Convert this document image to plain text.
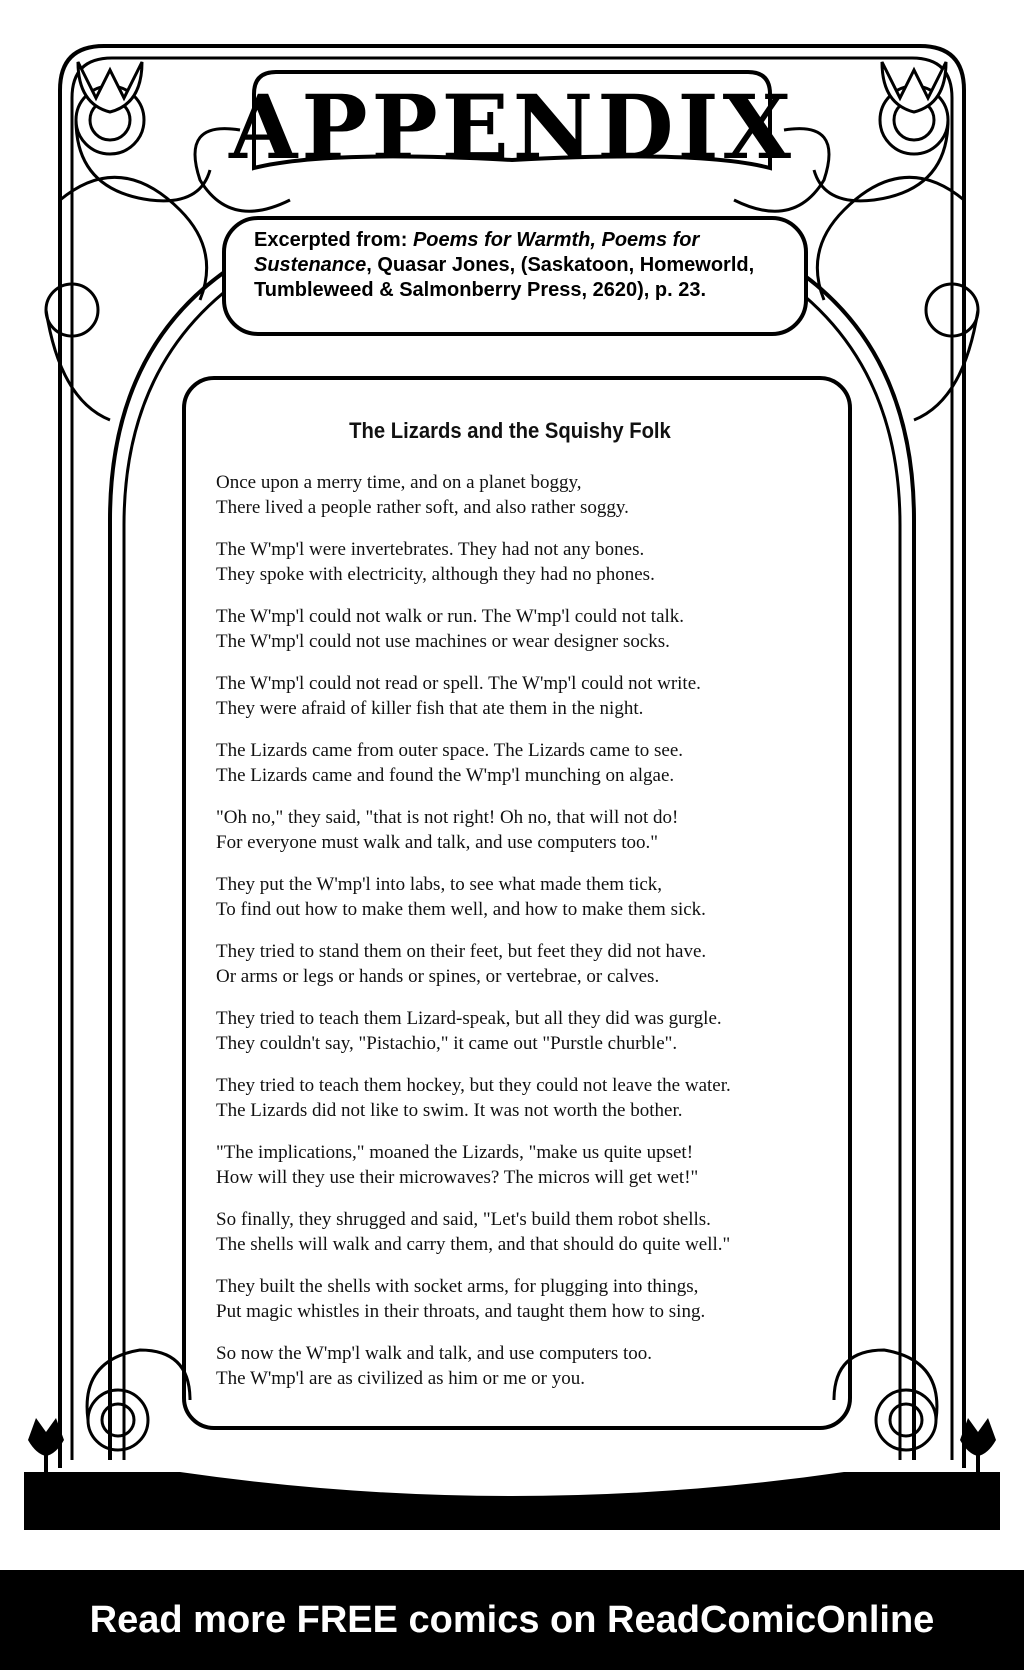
APPENDIX
Excerpted from: Poems for Warmth, Poems for Sustenance, Quasar Jones, (Saskatoon, Homeworld, Tumbleweed & Salmonberry Press, 2620), p. 23.
The Lizards and the Squishy Folk
Once upon a merry time, and on a planet boggy,
There lived a people rather soft, and also rather soggy.
The W'mp'l were invertebrates. They had not any bones.
They spoke with electricity, although they had no phones.
The W'mp'l could not walk or run. The W'mp'l could not talk.
The W'mp'l could not use machines or wear designer socks.
The W'mp'l could not read or spell. The W'mp'l could not write.
They were afraid of killer fish that ate them in the night.
The Lizards came from outer space. The Lizards came to see.
The Lizards came and found the W'mp'l munching on algae.
"Oh no," they said, "that is not right! Oh no, that will not do!
For everyone must walk and talk, and use computers too."
They put the W'mp'l into labs, to see what made them tick,
To find out how to make them well, and how to make them sick.
They tried to stand them on their feet, but feet they did not have.
Or arms or legs or hands or spines, or vertebrae, or calves.
They tried to teach them Lizard-speak, but all they did was gurgle.
They couldn't say, "Pistachio," it came out "Purstle churble".
They tried to teach them hockey, but they could not leave the water.
The Lizards did not like to swim. It was not worth the bother.
"The implications," moaned the Lizards, "make us quite upset!
How will they use their microwaves? The micros will get wet!"
So finally, they shrugged and said, "Let's build them robot shells.
The shells will walk and carry them, and that should do quite well."
They built the shells with socket arms, for plugging into things,
Put magic whistles in their throats, and taught them how to sing.
So now the W'mp'l walk and talk, and use computers too.
The W'mp'l are as civilized as him or me or you.
Read more FREE comics on ReadComicOnline
